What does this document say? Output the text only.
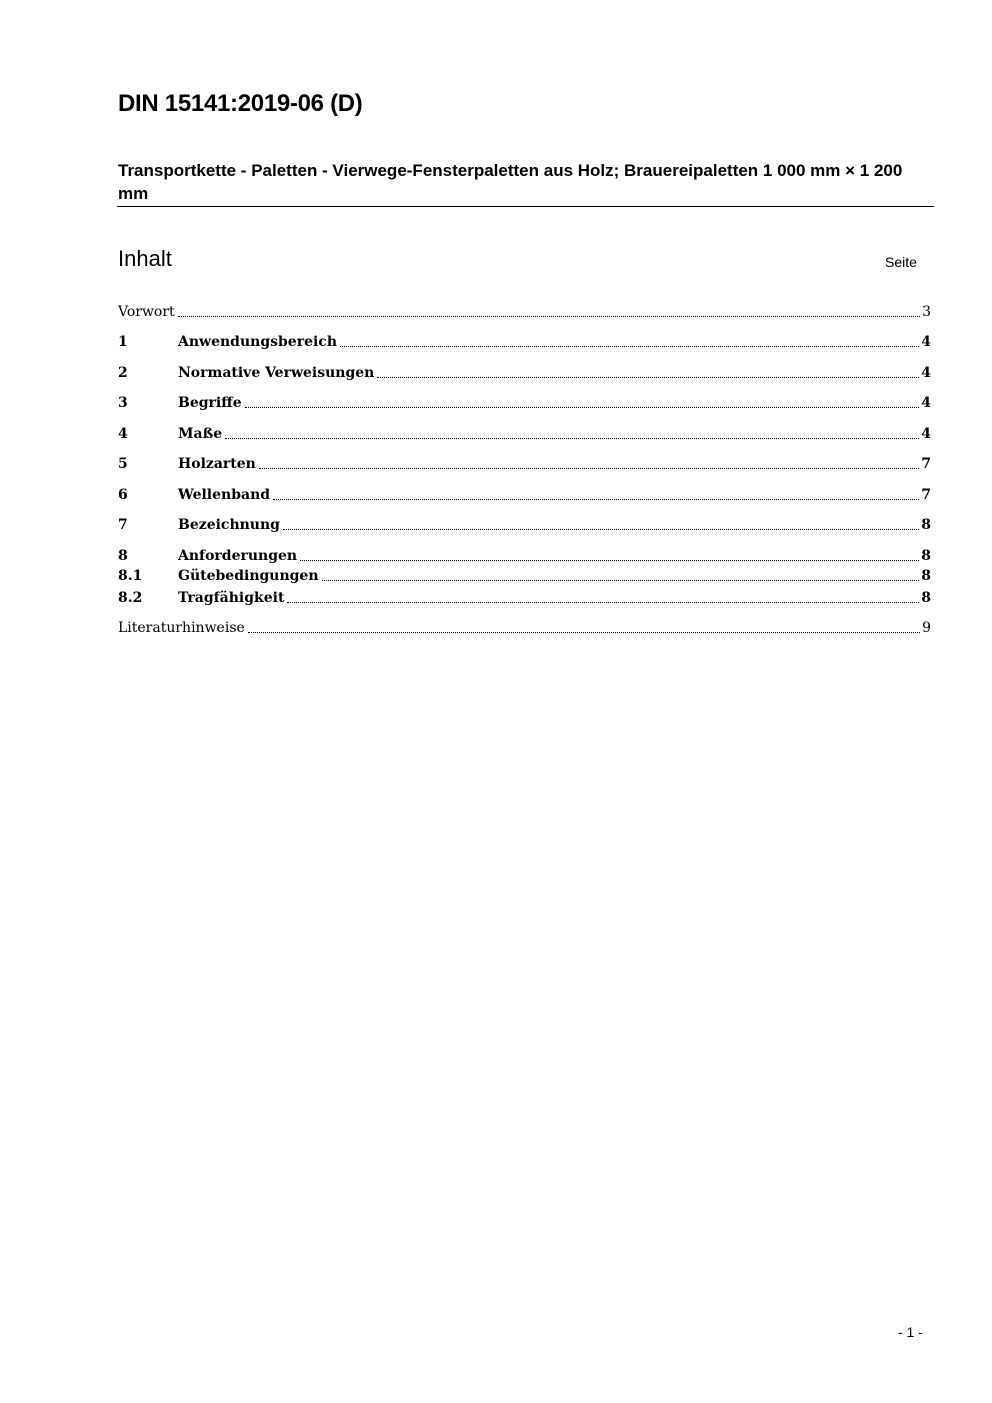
DIN 15141:2019-06 (D)
Transportkette - Paletten - Vierwege-Fensterpaletten aus Holz; Brauereipaletten 1 000 mm × 1 200 mm
Inhalt	Seite
Vorwort	3
1	Anwendungsbereich	4
2	Normative Verweisungen	4
3	Begriffe	4
4	Maße	4
5	Holzarten	7
6	Wellenband	7
7	Bezeichnung	8
8	Anforderungen	8
8.1	Gütebedingungen	8
8.2	Tragfähigkeit	8
Literaturhinweise	9
- 1 -
